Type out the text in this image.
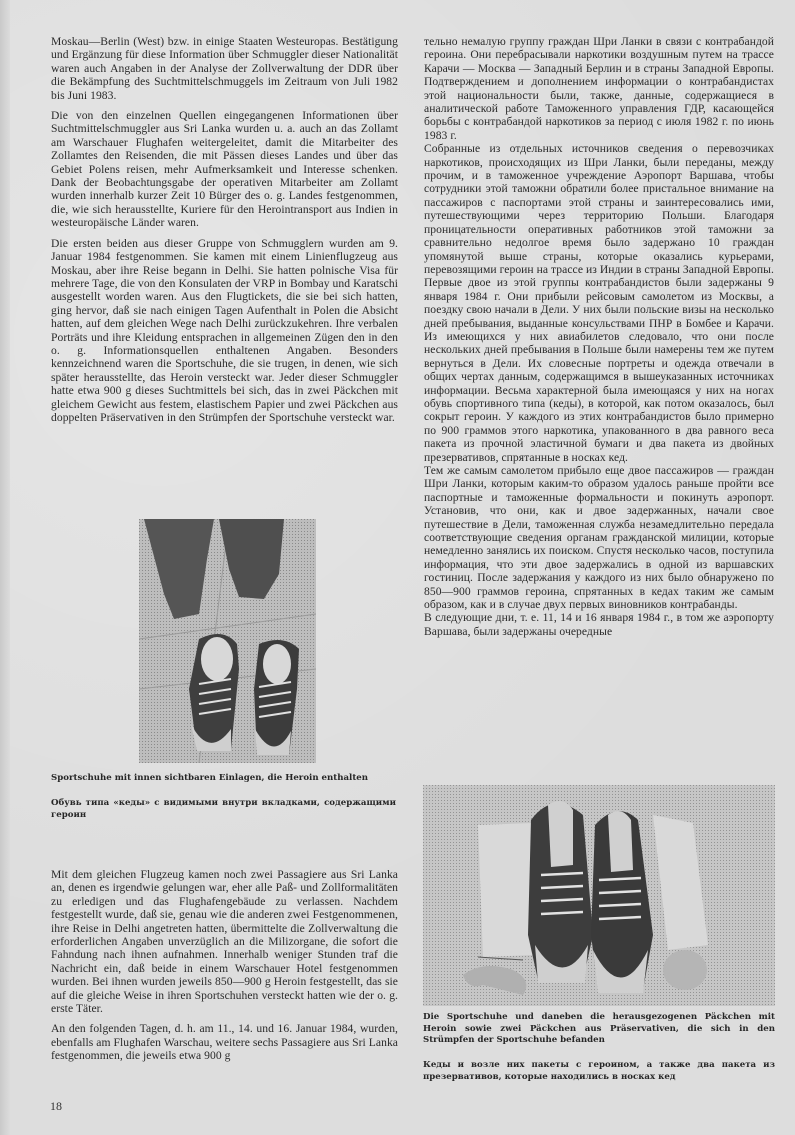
Moskau—Berlin (West) bzw. in einige Staaten Westeuropas. Bestätigung und Ergänzung für diese Information über Schmuggler dieser Nationalität waren auch Angaben in der Analyse der Zollverwaltung der DDR über die Bekämpfung des Suchtmittelschmuggels im Zeitraum von Juli 1982 bis Juni 1983.

Die von den einzelnen Quellen eingegangenen Informationen über Suchtmittelschmuggler aus Sri Lanka wurden u. a. auch an das Zollamt am Warschauer Flughafen weitergeleitet, damit die Mitarbeiter des Zollamtes den Reisenden, die mit Pässen dieses Landes und über das Gebiet Polens reisen, mehr Aufmerksamkeit und Interesse schenken. Dank der Beobachtungsgabe der operativen Mitarbeiter am Zollamt wurden innerhalb kurzer Zeit 10 Bürger des o. g. Landes festgenommen, die, wie sich herausstellte, Kuriere für den Herointransport aus Indien in westeuropäische Länder waren.

Die ersten beiden aus dieser Gruppe von Schmugglern wurden am 9. Januar 1984 festgenommen. Sie kamen mit einem Linienflugzeug aus Moskau, aber ihre Reise begann in Delhi. Sie hatten polnische Visa für mehrere Tage, die von den Konsulaten der VRP in Bombay und Karatschi ausgestellt worden waren. Aus den Flugtickets, die sie bei sich hatten, ging hervor, daß sie nach einigen Tagen Aufenthalt in Polen die Absicht hatten, auf dem gleichen Wege nach Delhi zurückzukehren. Ihre verbalen Porträts und ihre Kleidung entsprachen in allgemeinen Zügen den in den o. g. Informationsquellen enthaltenen Angaben. Besonders kennzeichnend waren die Sportschuhe, die sie trugen, in denen, wie sich später herausstellte, das Heroin versteckt war. Jeder dieser Schmuggler hatte etwa 900 g dieses Suchtmittels bei sich, das in zwei Päckchen mit gleichem Gewicht aus festem, elastischem Papier und zwei Päckchen aus doppelten Präservativen in den Strümpfen der Sportschuhe versteckt war.

Sportschuhe mit innen sichtbaren Einlagen, die Heroin enthalten
Обувь типа «кеды» с видимыми внутри вкладками, содержащими героин

Mit dem gleichen Flugzeug kamen noch zwei Passagiere aus Sri Lanka an, denen es irgendwie gelungen war, eher alle Paß- und Zollformalitäten zu erledigen und das Flughafengebäude zu verlassen. Nachdem festgestellt wurde, daß sie, genau wie die anderen zwei Festgenommenen, ihre Reise in Delhi angetreten hatten, übermittelte die Zollverwaltung die erforderlichen Angaben unverzüglich an die Milizorgane, die sofort die Fahndung nach ihnen aufnahmen. Innerhalb weniger Stunden traf die Nachricht ein, daß beide in einem Warschauer Hotel festgenommen wurden. Bei ihnen wurden jeweils 850—900 g Heroin festgestellt, das sie auf die gleiche Weise in ihren Sportschuhen versteckt hatten wie der o. g. erste Täter.

An den folgenden Tagen, d. h. am 11., 14. und 16. Januar 1984, wurden, ebenfalls am Flughafen Warschau, weitere sechs Passagiere aus Sri Lanka festgenommen, die jeweils etwa 900 g

тельно немалую группу граждан Шри Ланки в связи с контрабандой героина. Они перебрасывали наркотики воздушным путем на трассе Карачи — Москва — Западный Берлин и в страны Западной Европы. Подтверждением и дополнением информации о контрабандистах этой национальности были, также, данные, содержащиеся в аналитической работе Таможенного управления ГДР, касающейся борьбы с контрабандой наркотиков за период с июля 1982 г. по июнь 1983 г.

Собранные из отдельных источников сведения о перевозчиках наркотиков, происходящих из Шри Ланки, были переданы, между прочим, и в таможенное учреждение Аэропорт Варшава, чтобы сотрудники этой таможни обратили более пристальное внимание на пассажиров с паспортами этой страны и заинтересовались ими, путешествующими через территорию Польши. Благодаря проницательности оперативных работников этой таможни за сравнительно недолгое время было задержано 10 граждан упомянутой выше страны, которые оказались курьерами, перевозящими героин на трассе из Индии в страны Западной Европы.

Первые двое из этой группы контрабандистов были задержаны 9 января 1984 г. Они прибыли рейсовым самолетом из Москвы, а поездку свою начали в Дели. У них были польские визы на несколько дней пребывания, выданные консульствами ПНР в Бомбее и Карачи. Из имеющихся у них авиабилетов следовало, что они после нескольких дней пребывания в Польше были намерены тем же путем вернуться в Дели. Их словесные портреты и одежда отвечали в общих чертах данным, содержащимся в вышеуказанных источниках информации. Весьма характерной была имеющаяся у них на ногах обувь спортивного типа (кеды), в которой, как потом оказалось, был сокрыт героин. У каждого из этих контрабандистов было примерно по 900 граммов этого наркотика, упакованного в два равного веса пакета из прочной эластичной бумаги и два пакета из двойных презервативов, спрятанные в носках кед.

Тем же самым самолетом прибыло еще двое пассажиров — граждан Шри Ланки, которым каким-то образом удалось раньше пройти все паспортные и таможенные формальности и покинуть аэропорт. Установив, что они, как и двое задержанных, начали свое путешествие в Дели, таможенная служба незамедлительно передала соответствующие сведения органам гражданской милиции, которые немедленно занялись их поиском. Спустя несколько часов, поступила информация, что эти двое задержались в одной из варшавских гостиниц. После задержания у каждого из них было обнаружено по 850—900 граммов героина, спрятанных в кедах таким же самым образом, как и в случае двух первых виновников контрабанды.

В следующие дни, т. е. 11, 14 и 16 января 1984 г., в том же аэропорту Варшава, были задержаны очередные

Die Sportschuhe und daneben die herausgezogenen Päckchen mit Heroin sowie zwei Päckchen aus Präservativen, die sich in den Strümpfen der Sportschuhe befanden
Кеды и возле них пакеты с героином, а также два пакета из презервативов, которые находились в носках кед
18
